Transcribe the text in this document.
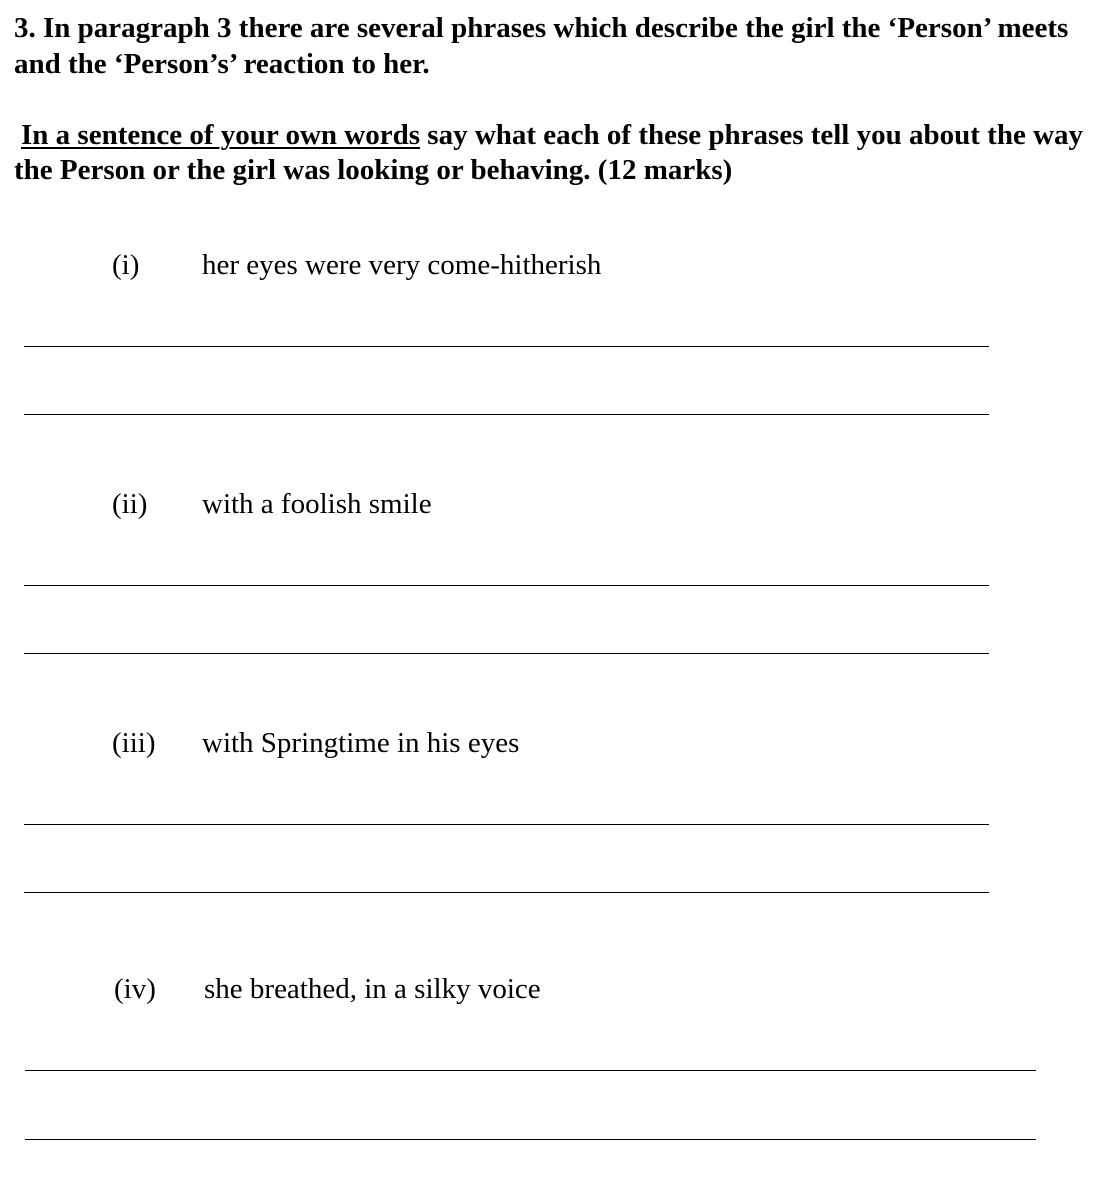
3. In paragraph 3 there are several phrases which describe the girl the ‘Person’ meets and the ‘Person’s’ reaction to her.

In a sentence of your own words say what each of these phrases tell you about the way the Person or the girl was looking or behaving. (12 marks)

(i) her eyes were very come-hitherish
(ii) with a foolish smile
(iii) with Springtime in his eyes
(iv) she breathed, in a silky voice
